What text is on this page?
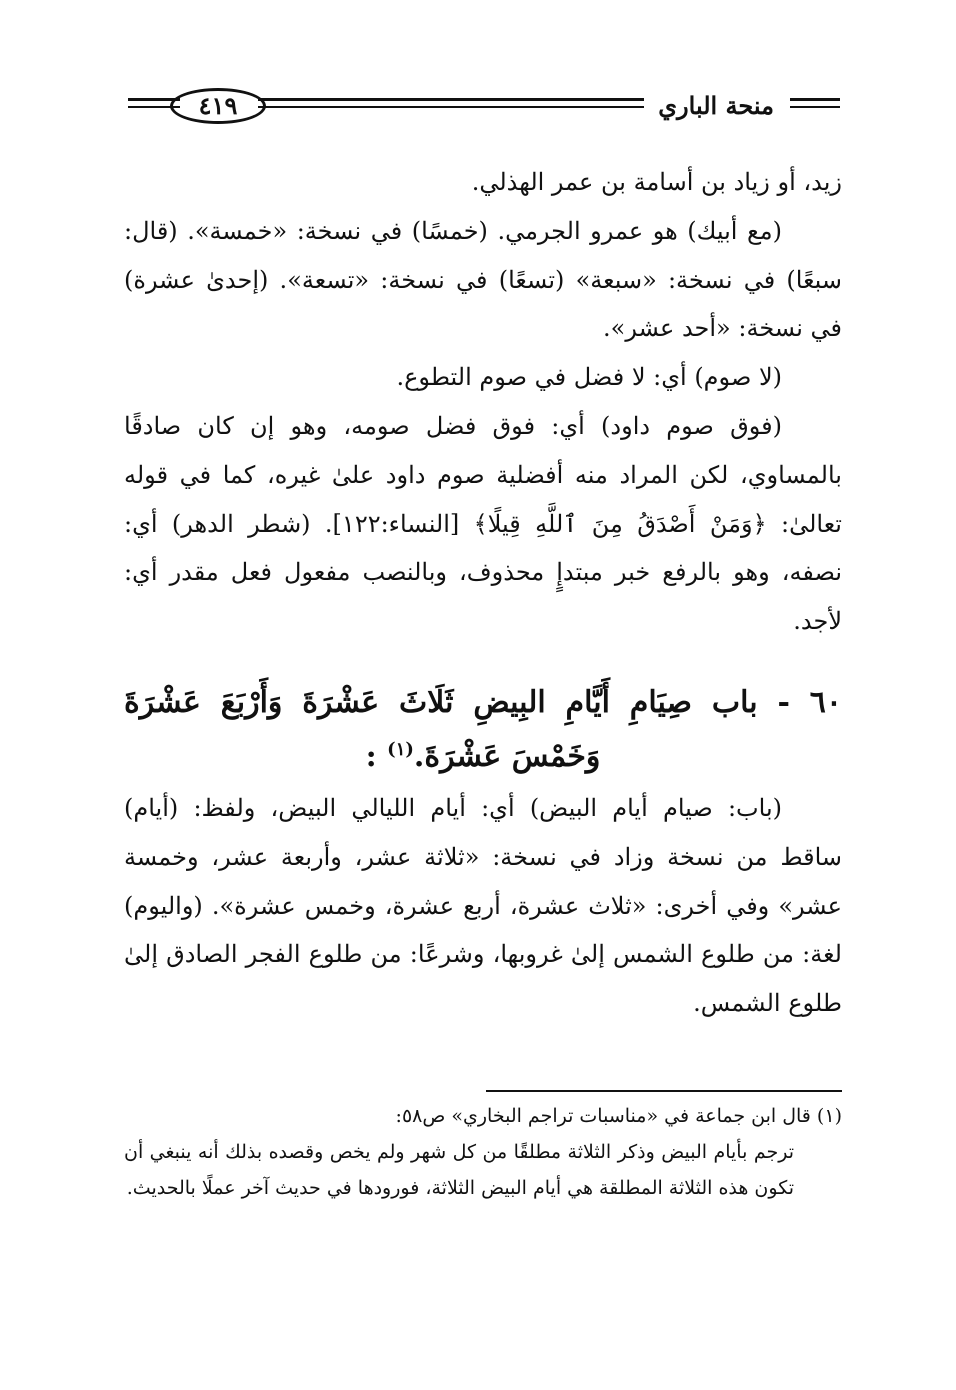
منحة الباري
٤١٩

زيد، أو زياد بن أسامة بن عمر الهذلي.

(مع أبيك) هو عمرو الجرمي. (خمسًا) في نسخة: «خمسة». (قال: سبعًا) في نسخة: «سبعة» (تسعًا) في نسخة: «تسعة». (إحدىٰ عشرة) في نسخة: «أحد عشر».

(لا صوم) أي: لا فضل في صوم التطوع.

(فوق صوم داود) أي: فوق فضل صومه، وهو إن كان صادقًا بالمساوي، لكن المراد منه أفضلية صوم داود علىٰ غيره، كما في قوله تعالىٰ: ﴿وَمَنْ أَصْدَقُ مِنَ ٱللَّهِ قِيلًا﴾ [النساء:١٢٢]. (شطر الدهر) أي: نصفه، وهو بالرفع خبر مبتدإٍ محذوف، وبالنصب مفعول فعل مقدر أي: لأجد.

٦٠ - باب صِيَامِ أَيَّامِ البِيضِ ثَلَاثَ عَشْرَةَ وَأَرْبَعَ عَشْرَةَ وَخَمْسَ عَشْرَةَ.$^{(١)}$ :

(باب: صيام أيام البيض) أي: أيام الليالي البيض، ولفظ: (أيام) ساقط من نسخة وزاد في نسخة: «ثلاثة عشر، وأربعة عشر، وخمسة عشر» وفي أخرى: «ثلاث عشرة، أربع عشرة، وخمس عشرة». (واليوم) لغة: من طلوع الشمس إلىٰ غروبها، وشرعًا: من طلوع الفجر الصادق إلىٰ طلوع الشمس.

(١) قال ابن جماعة في «مناسبات تراجم البخاري» ص٥٨:

ترجم بأيام البيض وذكر الثلاثة مطلقًا من كل شهر ولم يخص وقصده بذلك أنه ينبغي أن تكون هذه الثلاثة المطلقة هي أيام البيض الثلاثة، فورودها في حديث آخر عملًا بالحديث.
